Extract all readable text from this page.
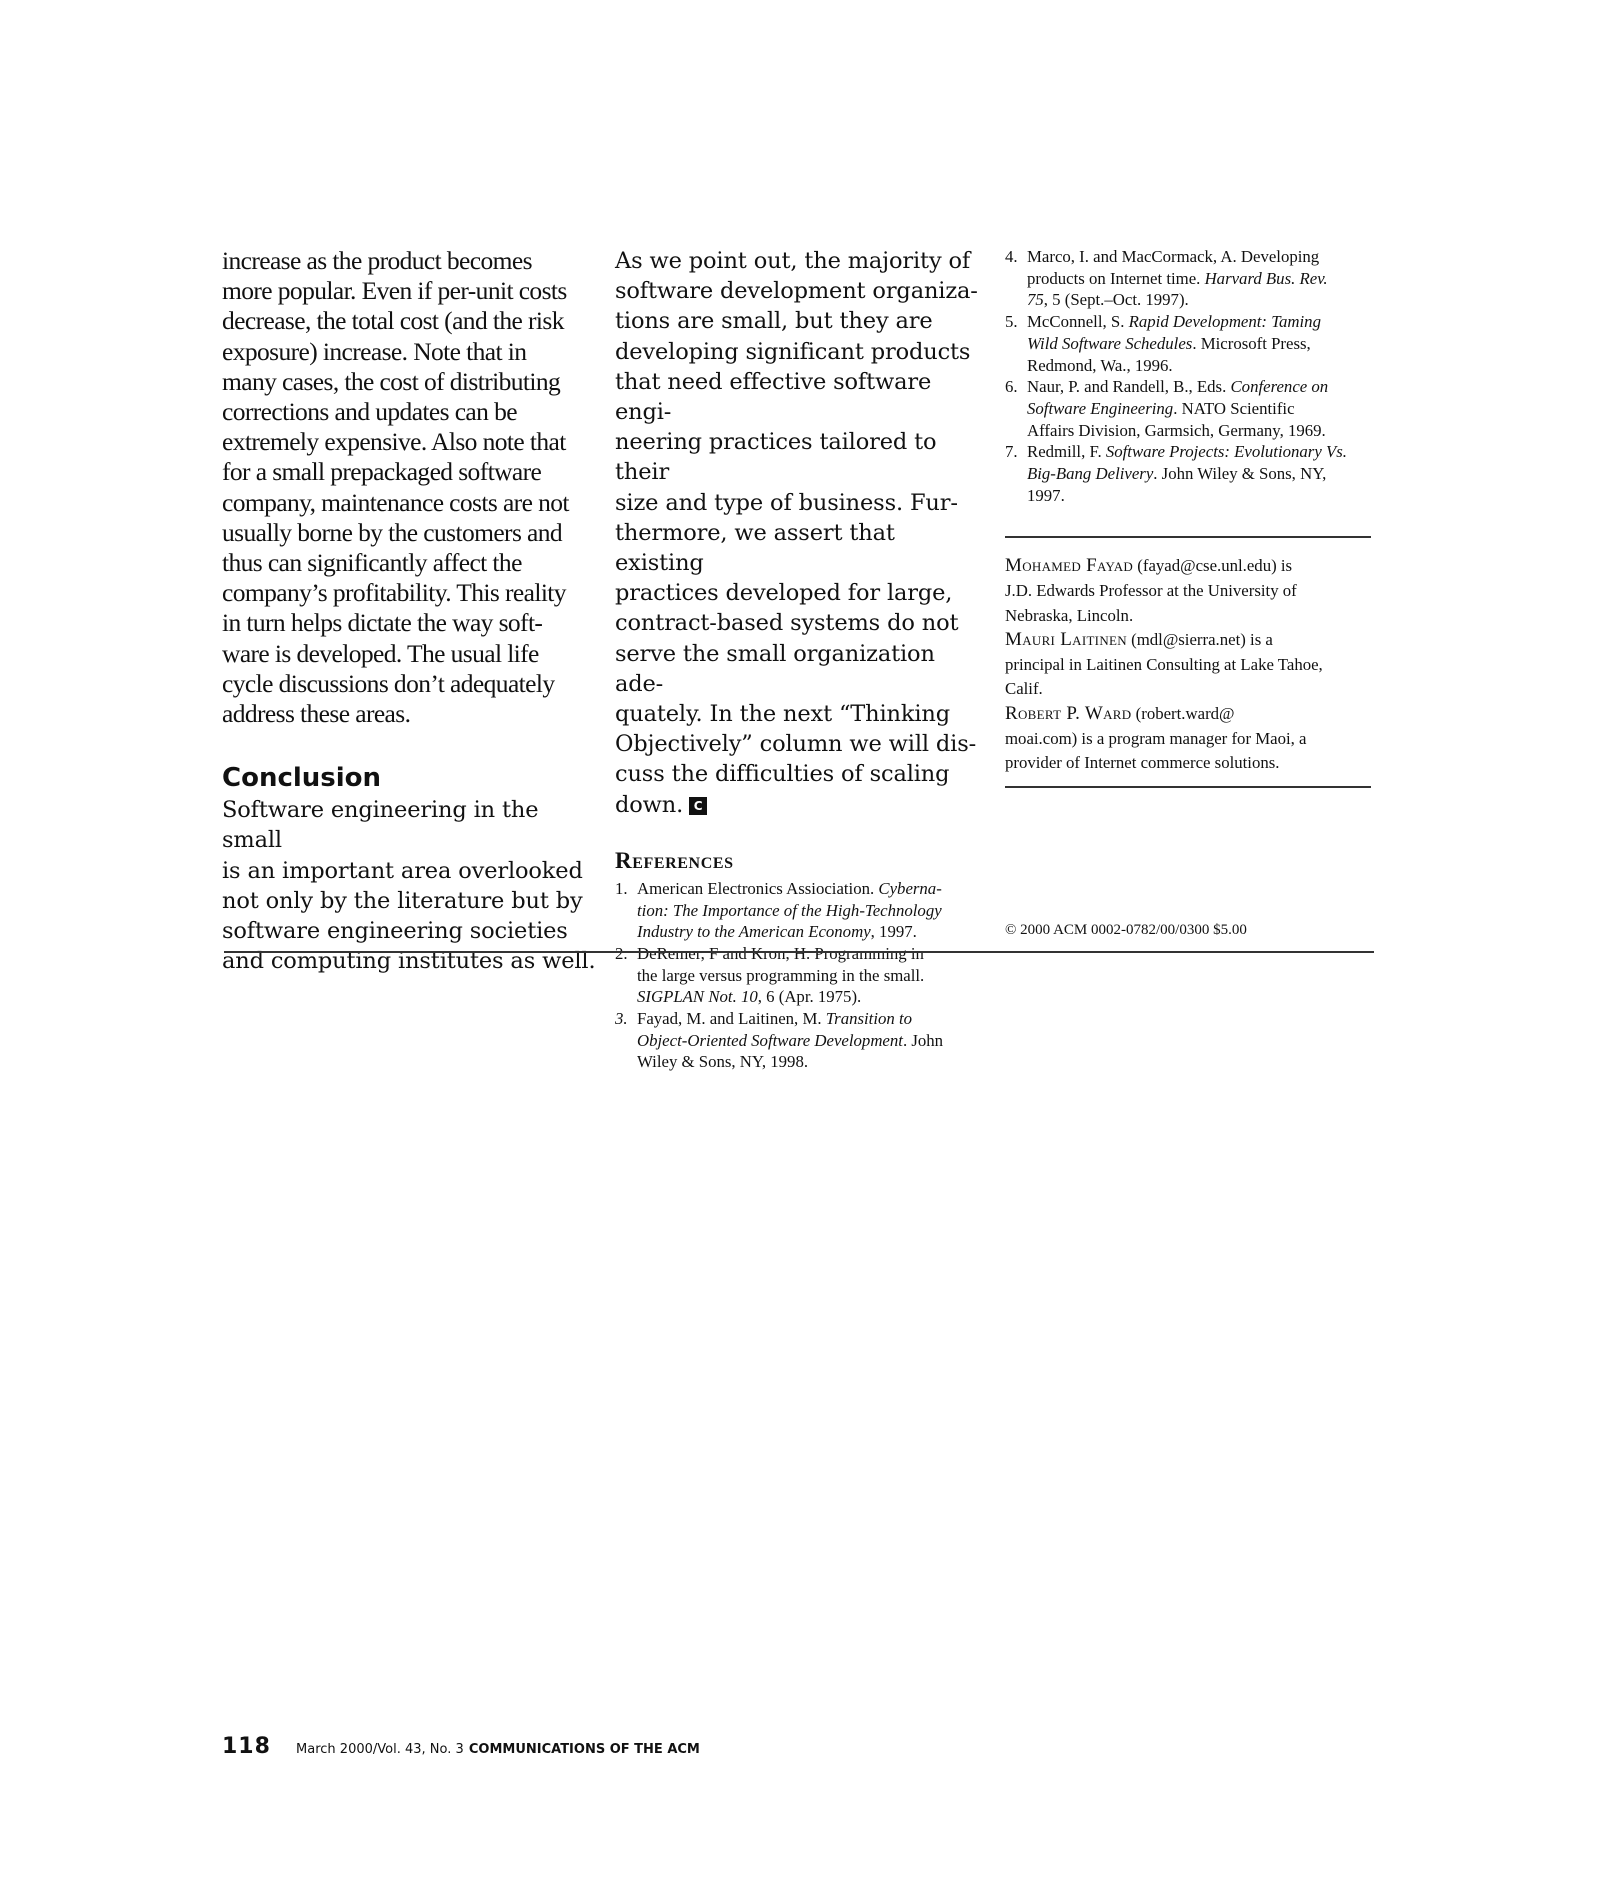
increase as the product becomes
more popular. Even if per-unit costs
decrease, the total cost (and the risk
exposure) increase. Note that in
many cases, the cost of distributing
corrections and updates can be
extremely expensive. Also note that
for a small prepackaged software
company, maintenance costs are not
usually borne by the customers and
thus can significantly affect the
company’s profitability. This reality
in turn helps dictate the way soft-
ware is developed. The usual life
cycle discussions don’t adequately
address these areas.

Conclusion

Software engineering in the small
is an important area overlooked
not only by the literature but by
software engineering societies
and computing institutes as well.

As we point out, the majority of
software development organiza-
tions are small, but they are
developing significant products
that need effective software engi-
neering practices tailored to their
size and type of business. Fur-
thermore, we assert that existing
practices developed for large,
contract-based systems do not
serve the small organization ade-
quately. In the next “Thinking
Objectively” column we will dis-
cuss the difficulties of scaling
down. C

References
1. American Electronics Assiociation. Cyberna-
tion: The Importance of the High-Technology
Industry to the American Economy, 1997.
2. DeRemer, F and Kron, H. Programming in
the large versus programming in the small.
SIGPLAN Not. 10, 6 (Apr. 1975).
3. Fayad, M. and Laitinen, M. Transition to
Object-Oriented Software Development. John
Wiley & Sons, NY, 1998.
4. Marco, I. and MacCormack, A. Developing
products on Internet time. Harvard Bus. Rev.
75, 5 (Sept.–Oct. 1997).
5. McConnell, S. Rapid Development: Taming
Wild Software Schedules. Microsoft Press,
Redmond, Wa., 1996.
6. Naur, P. and Randell, B., Eds. Conference on
Software Engineering. NATO Scientific
Affairs Division, Garmsich, Germany, 1969.
7. Redmill, F. Software Projects: Evolutionary Vs.
Big-Bang Delivery. John Wiley & Sons, NY,
1997.

Mohamed Fayad (fayad@cse.unl.edu) is
J.D. Edwards Professor at the University of
Nebraska, Lincoln.

Mauri Laitinen (mdl@sierra.net) is a
principal in Laitinen Consulting at Lake Tahoe,
Calif.

Robert P. Ward (robert.ward@
moai.com) is a program manager for Maoi, a
provider of Internet commerce solutions.

© 2000 ACM 0002-0782/00/0300 $5.00
118 March 2000/Vol. 43, No. 3 COMMUNICATIONS OF THE ACM
